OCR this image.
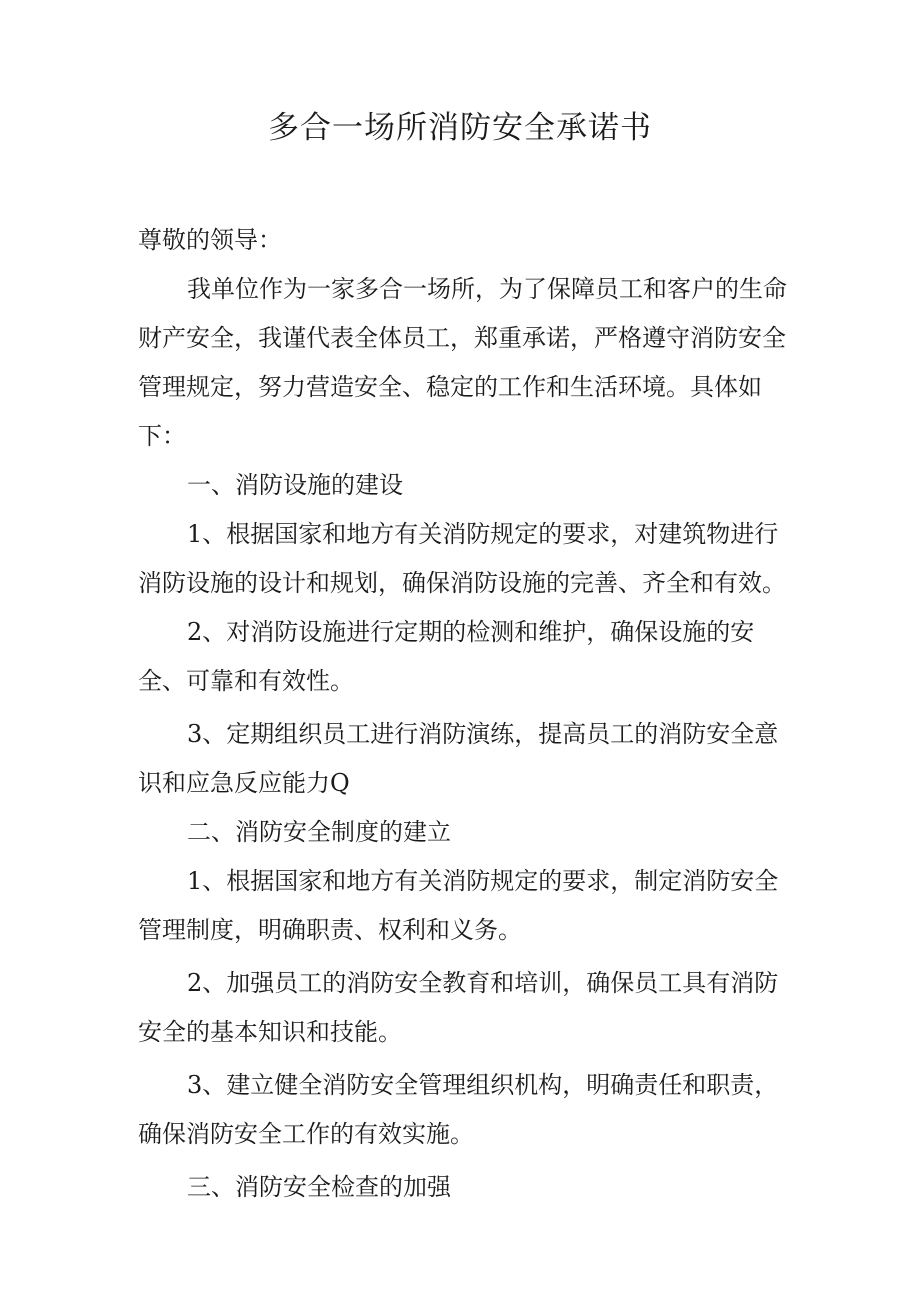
多合一场所消防安全承诺书

尊敬的领导：

我单位作为一家多合一场所，为了保障员工和客户的生命财产安全，我谨代表全体员工，郑重承诺，严格遵守消防安全管理规定，努力营造安全、稳定的工作和生活环境。具体如下：

一、消防设施的建设

1、根据国家和地方有关消防规定的要求，对建筑物进行消防设施的设计和规划，确保消防设施的完善、齐全和有效。

2、对消防设施进行定期的检测和维护，确保设施的安全、可靠和有效性。

3、定期组织员工进行消防演练，提高员工的消防安全意识和应急反应能力Q

二、消防安全制度的建立

1、根据国家和地方有关消防规定的要求，制定消防安全管理制度，明确职责、权利和义务。

2、加强员工的消防安全教育和培训，确保员工具有消防安全的基本知识和技能。

3、建立健全消防安全管理组织机构，明确责任和职责，确保消防安全工作的有效实施。

三、消防安全检查的加强
